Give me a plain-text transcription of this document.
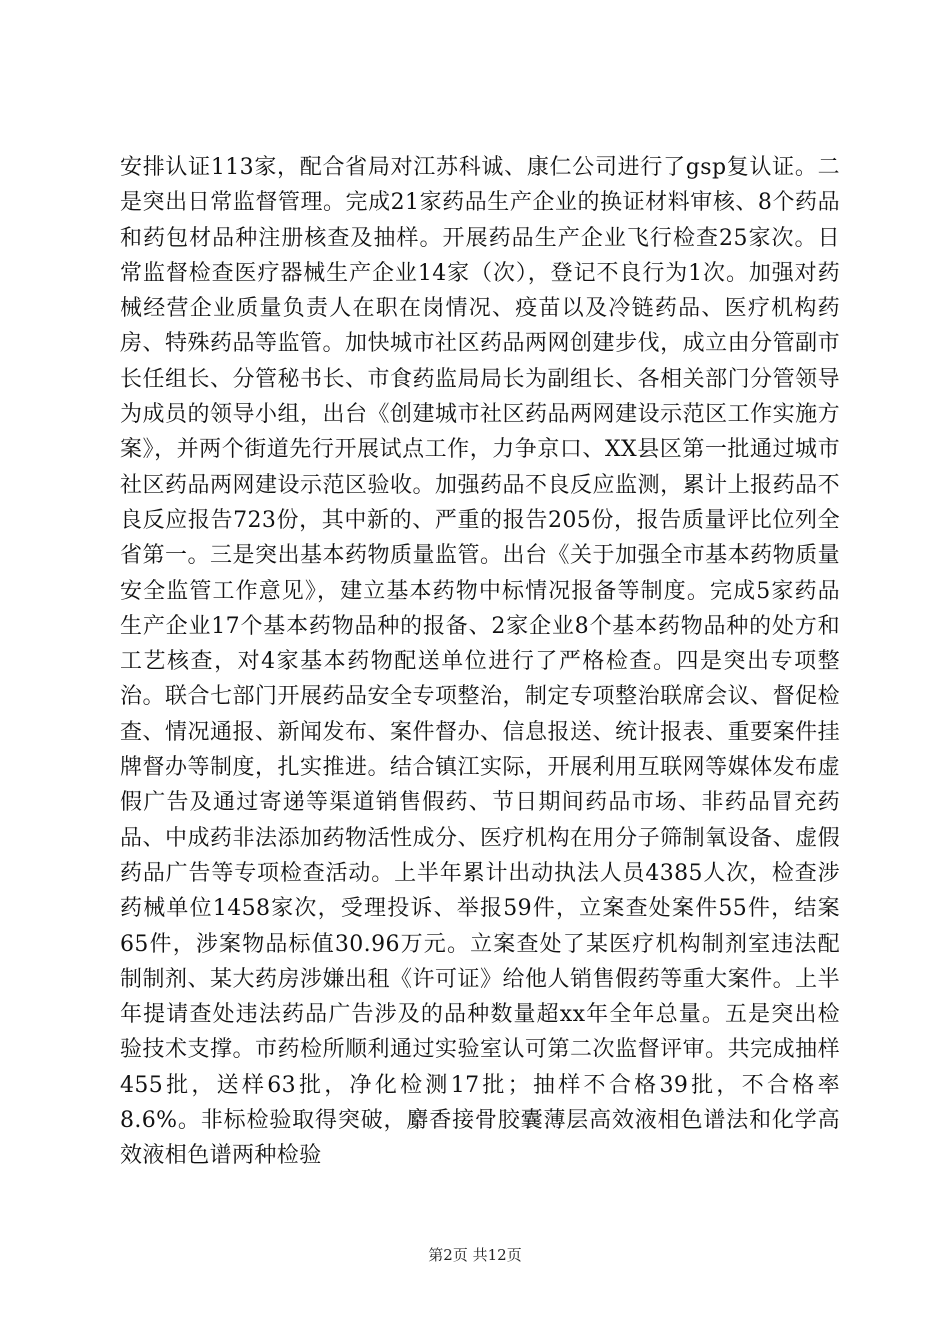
安排认证113家，配合省局对江苏科诚、康仁公司进行了gsp复认证。二是突出日常监督管理。完成21家药品生产企业的换证材料审核、8个药品和药包材品种注册核查及抽样。开展药品生产企业飞行检查25家次。日常监督检查医疗器械生产企业14家（次），登记不良行为1次。加强对药械经营企业质量负责人在职在岗情况、疫苗以及冷链药品、医疗机构药房、特殊药品等监管。加快城市社区药品两网创建步伐，成立由分管副市长任组长、分管秘书长、市食药监局局长为副组长、各相关部门分管领导为成员的领导小组，出台《创建城市社区药品两网建设示范区工作实施方案》，并两个街道先行开展试点工作，力争京口、XX县区第一批通过城市社区药品两网建设示范区验收。加强药品不良反应监测，累计上报药品不良反应报告723份，其中新的、严重的报告205份，报告质量评比位列全省第一。三是突出基本药物质量监管。出台《关于加强全市基本药物质量安全监管工作意见》，建立基本药物中标情况报备等制度。完成5家药品生产企业17个基本药物品种的报备、2家企业8个基本药物品种的处方和工艺核查，对4家基本药物配送单位进行了严格检查。四是突出专项整治。联合七部门开展药品安全专项整治，制定专项整治联席会议、督促检查、情况通报、新闻发布、案件督办、信息报送、统计报表、重要案件挂牌督办等制度，扎实推进。结合镇江实际，开展利用互联网等媒体发布虚假广告及通过寄递等渠道销售假药、节日期间药品市场、非药品冒充药品、中成药非法添加药物活性成分、医疗机构在用分子筛制氧设备、虚假药品广告等专项检查活动。上半年累计出动执法人员4385人次，检查涉药械单位1458家次，受理投诉、举报59件，立案查处案件55件，结案65件，涉案物品标值30.96万元。立案查处了某医疗机构制剂室违法配制制剂、某大药房涉嫌出租《许可证》给他人销售假药等重大案件。上半年提请查处违法药品广告涉及的品种数量超xx年全年总量。五是突出检验技术支撑。市药检所顺利通过实验室认可第二次监督评审。共完成抽样455批，送样63批，净化检测17批；抽样不合格39批，不合格率8.6%。非标检验取得突破，麝香接骨胶囊薄层高效液相色谱法和化学高效液相色谱两种检验

第2页 共12页
